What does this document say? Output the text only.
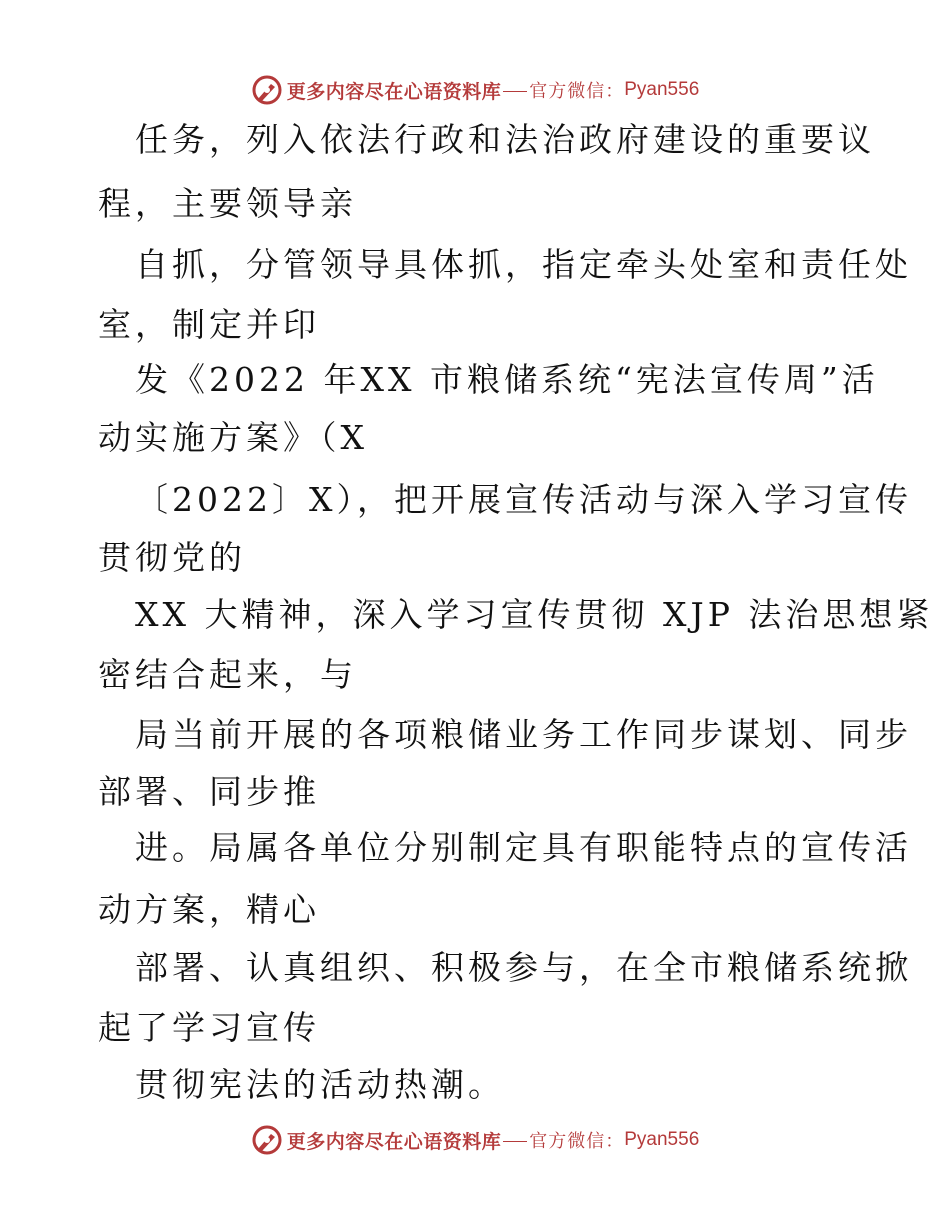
更多内容尽在心语资料库 官方微信： Pyan556
任务，列入依法行政和法治政府建设的重要议
程，主要领导亲
自抓，分管领导具体抓，指定牵头处室和责任处
室，制定并印
发《2022 年XX 市粮储系统“宪法宣传周”活
动实施方案》（X
〔2022〕X），把开展宣传活动与深入学习宣传
贯彻党的
XX 大精神，深入学习宣传贯彻 XJP 法治思想紧
密结合起来，与
局当前开展的各项粮储业务工作同步谋划、同步
部署、同步推
进。局属各单位分别制定具有职能特点的宣传活
动方案，精心
部署、认真组织、积极参与，在全市粮储系统掀
起了学习宣传
贯彻宪法的活动热潮。
更多内容尽在心语资料库 官方微信： Pyan556
